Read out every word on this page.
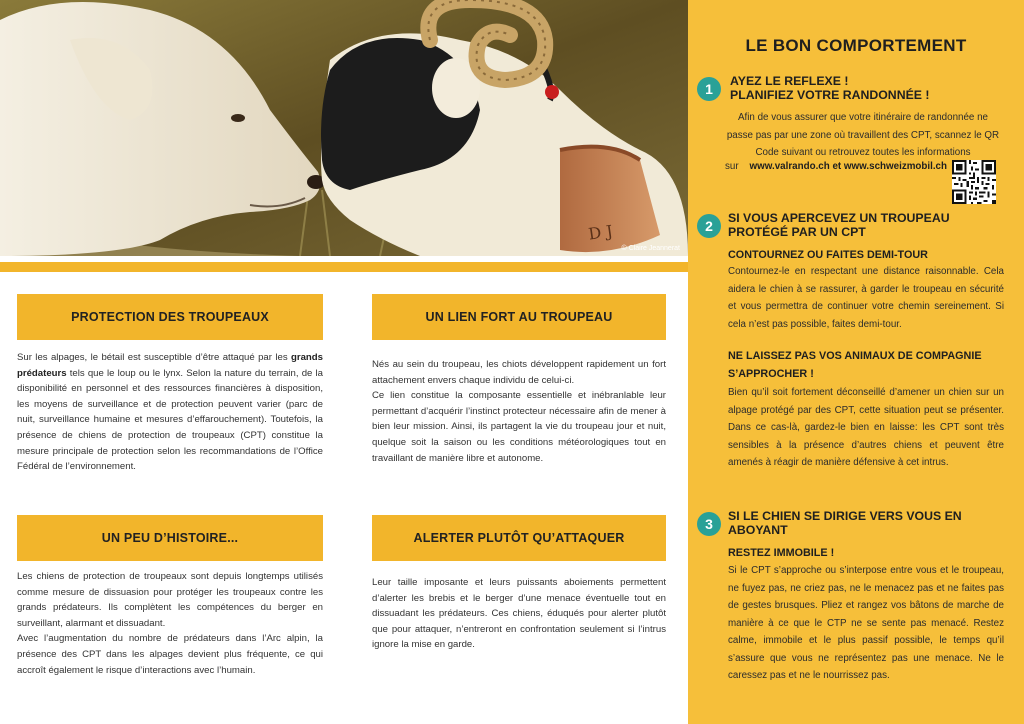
D J
© Claire Jeannerat
PROTECTION DES TROUPEAUX

Sur les alpages, le bétail est susceptible d’être attaqué par les grands prédateurs tels que le loup ou le lynx. Selon la nature du terrain, de la disponibilité en personnel et des ressources financières à disposition, les moyens de surveillance et de protection peuvent varier (parc de nuit, surveillance humaine et mesures d’effarouchement). Toutefois, la présence de chiens de protection de troupeaux (CPT) constitue la mesure principale de protection selon les recommandations de l’Office Fédéral de l’environnement.

UN LIEN FORT AU TROUPEAU

Nés au sein du troupeau, les chiots développent rapidement un fort attachement envers chaque individu de celui-ci.

Ce lien constitue la composante essentielle et inébranlable leur permettant d’acquérir l’instinct protecteur nécessaire afin de mener à bien leur mission. Ainsi, ils partagent la vie du troupeau jour et nuit, quelque soit la saison ou les conditions météorologiques tout en travaillant de manière libre et autonome.

UN PEU D’HISTOIRE...

Les chiens de protection de troupeaux sont depuis longtemps utilisés comme mesure de dissuasion pour protéger les troupeaux contre les grands prédateurs. Ils complètent les compétences du berger en surveillant, alarmant et dissuadant.

Avec l’augmentation du nombre de prédateurs dans l’Arc alpin, la présence des CPT dans les alpages devient plus fréquente, ce qui accroît également le risque d’interactions avec l’humain.

ALERTER PLUTÔT QU’ATTAQUER

Leur taille imposante et leurs puissants aboiements permettent d’alerter les brebis et le berger d’une menace éventuelle tout en dissuadant les prédateurs. Ces chiens, éduqués pour alerter plutôt que pour attaquer, n’entreront en confrontation seulement si l’intrus ignore la mise en garde.

LE BON COMPORTEMENT
1	AYEZ LE REFLEXE !
PLANIFIEZ VOTRE RANDONNÉE !
Afin de vous assurer que votre itinéraire de randonnée ne passe pas par une zone où travaillent des CPT, scannez le QR Code suivant ou retrouvez toutes les informations
sur www.valrando.ch et www.schweizmobil.ch
2	SI VOUS APERCEVEZ UN TROUPEAU
PROTÉGÉ PAR UN CPT
CONTOURNEZ OU FAITES DEMI-TOUR
Contournez-le en respectant une distance raisonnable. Cela aidera le chien à se rassurer, à garder le troupeau en sécurité et vous permettra de continuer votre chemin sereinement. Si cela n’est pas possible, faites demi-tour.
NE LAISSEZ PAS VOS ANIMAUX DE COMPAGNIE
S’APPROCHER !
Bien qu’il soit fortement déconseillé d’amener un chien sur un alpage protégé par des CPT, cette situation peut se présenter. Dans ce cas-là, gardez-le bien en laisse: les CPT sont très sensibles à la présence d’autres chiens et peuvent être amenés à réagir de manière défensive à cet intrus.
3	SI LE CHIEN SE DIRIGE VERS VOUS EN
ABOYANT
RESTEZ IMMOBILE !
Si le CPT s’approche ou s’interpose entre vous et le troupeau, ne fuyez pas, ne criez pas, ne le menacez pas et ne faites pas de gestes brusques. Pliez et rangez vos bâtons de marche de manière à ce que le CTP ne se sente pas menacé. Restez calme, immobile et le plus passif possible, le temps qu’il s’assure que vous ne représentez pas une menace. Ne le caressez pas et ne le nourrissez pas.
